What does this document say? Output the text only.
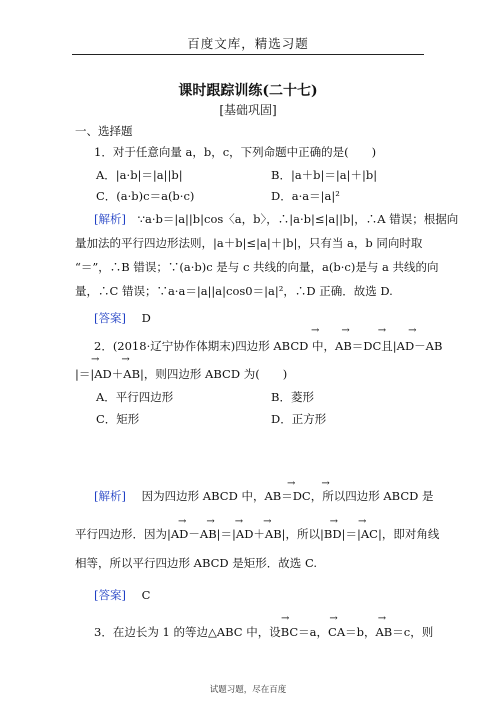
百度文库，精选习题
课时跟踪训练(二十七)
[基础巩固]
一、选择题
1．对于任意向量 a，b，c，下列命题中正确的是(　　)
A．|a·b|＝|a||b|	B．|a＋b|＝|a|＋|b|
C．(a·b)c＝a(b·c)	D．a·a＝|a|²
[解析] ∵a·b＝|a||b|cos〈a，b〉，∴|a·b|≤|a||b|，∴A 错误；根据向
量加法的平行四边形法则，|a＋b|≤|a|＋|b|，只有当 a，b 同向时取
“＝”，∴B 错误；∵(a·b)c 是与 c 共线的向量，a(b·c)是与 a 共线的向
量，∴C 错误；∵a·a＝|a||a|cos0＝|a|²，∴D 正确．故选 D.
[答案] D
→ →	→ →
2．(2018·辽宁协作体期末)四边形 ABCD 中，AB＝DC且|AD－AB
→ →
|＝|AD＋AB|，则四边形 ABCD 为(　　)
A．平行四边形	B．菱形
C．矩形	D．正方形
→	→
[解析] 因为四边形 ABCD 中，AB＝DC，所以四边形 ABCD 是
→ → → →	→ →
平行四边形．因为|AD－AB|＝|AD＋AB|，所以|BD|＝|AC|，即对角线
相等，所以平行四边形 ABCD 是矩形．故选 C.
[答案] C
→	→	→
3．在边长为 1 的等边△ABC 中，设BC＝a，CA＝b，AB＝c，则
试题习题，尽在百度
